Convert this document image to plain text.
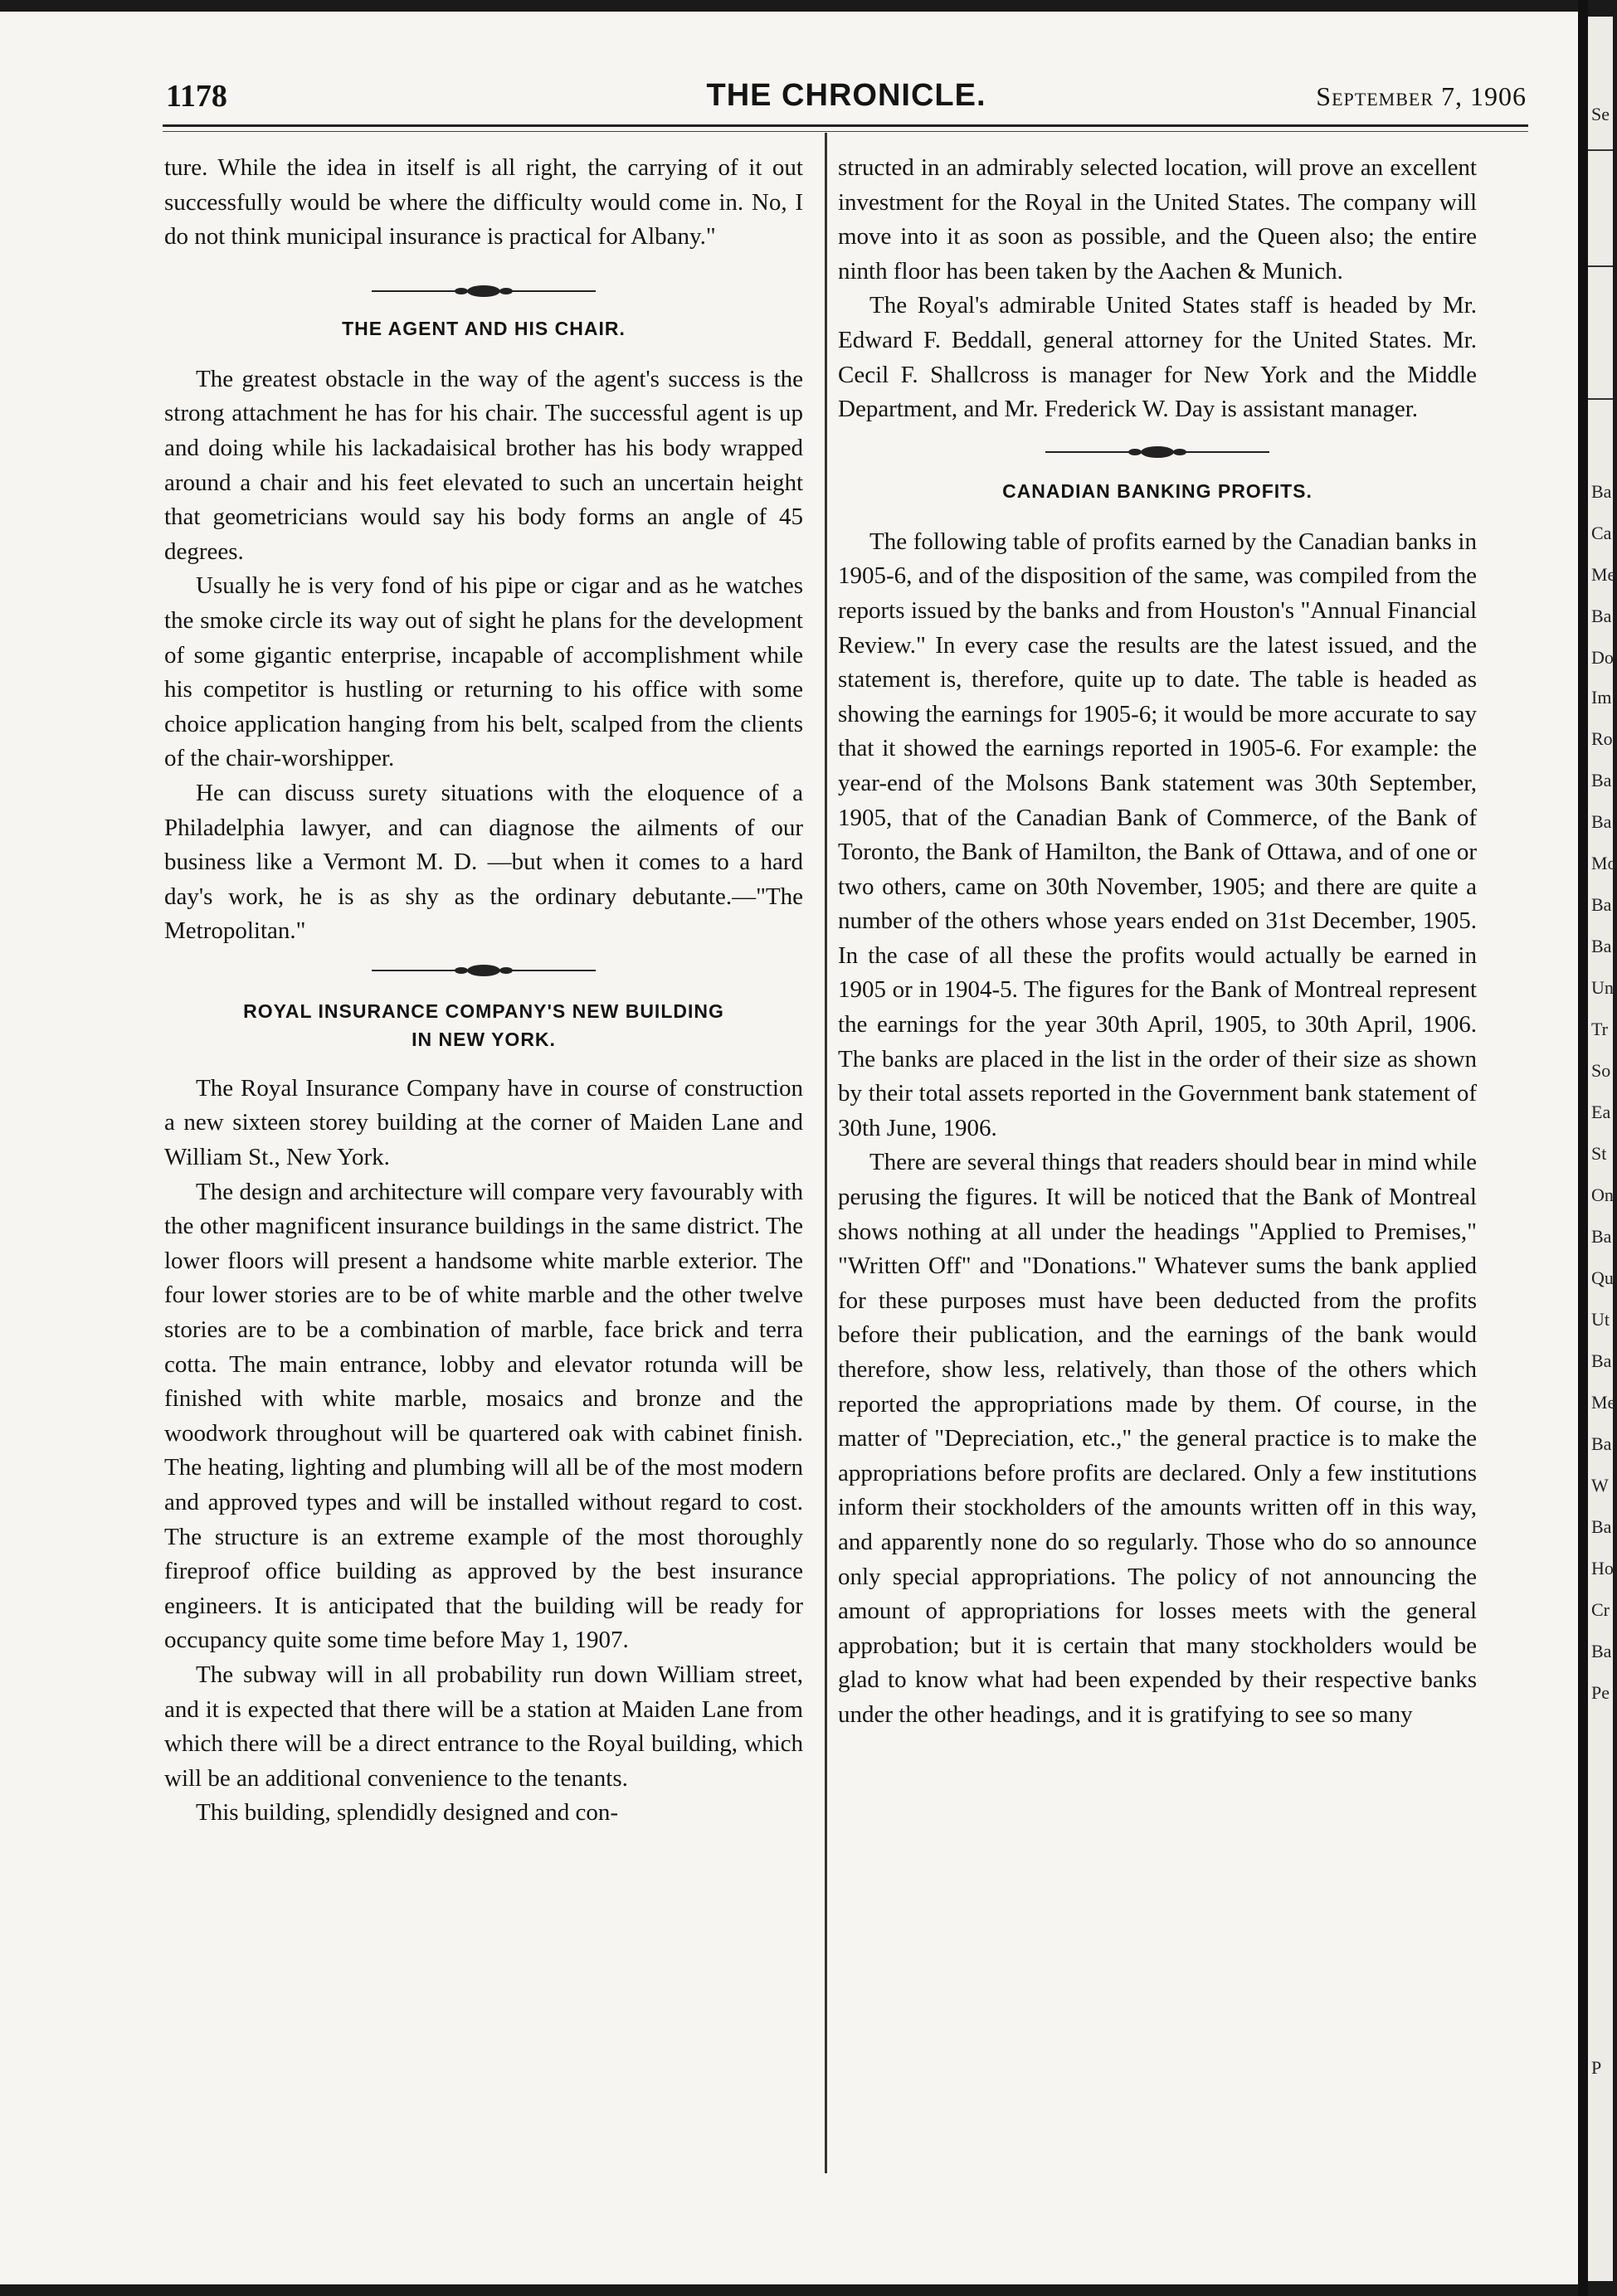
1178	THE CHRONICLE.	September 7, 1906

ture. While the idea in itself is all right, the carrying of it out successfully would be where the difficulty would come in. No, I do not think municipal insurance is practical for Albany."

THE AGENT AND HIS CHAIR.

The greatest obstacle in the way of the agent's success is the strong attachment he has for his chair. The successful agent is up and doing while his lackadaisical brother has his body wrapped around a chair and his feet elevated to such an uncertain height that geometricians would say his body forms an angle of 45 degrees.

Usually he is very fond of his pipe or cigar and as he watches the smoke circle its way out of sight he plans for the development of some gigantic enterprise, incapable of accomplishment while his competitor is hustling or returning to his office with some choice application hanging from his belt, scalped from the clients of the chair-worshipper.

He can discuss surety situations with the eloquence of a Philadelphia lawyer, and can diagnose the ailments of our business like a Vermont M. D. —but when it comes to a hard day's work, he is as shy as the ordinary debutante.—"The Metropolitan."

ROYAL INSURANCE COMPANY'S NEW BUILDING
IN NEW YORK.

The Royal Insurance Company have in course of construction a new sixteen storey building at the corner of Maiden Lane and William St., New York.

The design and architecture will compare very favourably with the other magnificent insurance buildings in the same district. The lower floors will present a handsome white marble exterior. The four lower stories are to be of white marble and the other twelve stories are to be a combination of marble, face brick and terra cotta. The main entrance, lobby and elevator rotunda will be finished with white marble, mosaics and bronze and the woodwork throughout will be quartered oak with cabinet finish. The heating, lighting and plumbing will all be of the most modern and approved types and will be installed without regard to cost. The structure is an extreme example of the most thoroughly fireproof office building as approved by the best insurance engineers. It is anticipated that the building will be ready for occupancy quite some time before May 1, 1907.

The subway will in all probability run down William street, and it is expected that there will be a station at Maiden Lane from which there will be a direct entrance to the Royal building, which will be an additional convenience to the tenants.

This building, splendidly designed and con-

structed in an admirably selected location, will prove an excellent investment for the Royal in the United States. The company will move into it as soon as possible, and the Queen also; the entire ninth floor has been taken by the Aachen & Munich.

The Royal's admirable United States staff is headed by Mr. Edward F. Beddall, general attorney for the United States. Mr. Cecil F. Shallcross is manager for New York and the Middle Department, and Mr. Frederick W. Day is assistant manager.

CANADIAN BANKING PROFITS.

The following table of profits earned by the Canadian banks in 1905-6, and of the disposition of the same, was compiled from the reports issued by the banks and from Houston's "Annual Financial Review." In every case the results are the latest issued, and the statement is, therefore, quite up to date. The table is headed as showing the earnings for 1905-6; it would be more accurate to say that it showed the earnings reported in 1905-6. For example: the year-end of the Molsons Bank statement was 30th September, 1905, that of the Canadian Bank of Commerce, of the Bank of Toronto, the Bank of Hamilton, the Bank of Ottawa, and of one or two others, came on 30th November, 1905; and there are quite a number of the others whose years ended on 31st December, 1905. In the case of all these the profits would actually be earned in 1905 or in 1904-5. The figures for the Bank of Montreal represent the earnings for the year 30th April, 1905, to 30th April, 1906. The banks are placed in the list in the order of their size as shown by their total assets reported in the Government bank statement of 30th June, 1906.

There are several things that readers should bear in mind while perusing the figures. It will be noticed that the Bank of Montreal shows nothing at all under the headings "Applied to Premises," "Written Off" and "Donations." Whatever sums the bank applied for these purposes must have been deducted from the profits before their publication, and the earnings of the bank would therefore, show less, relatively, than those of the others which reported the appropriations made by them. Of course, in the matter of "Depreciation, etc.," the general practice is to make the appropriations before profits are declared. Only a few institutions inform their stockholders of the amounts written off in this way, and apparently none do so regularly. Those who do so announce only special appropriations. The policy of not announcing the amount of appropriations for losses meets with the general approbation; but it is certain that many stockholders would be glad to know what had been expended by their respective banks under the other headings, and it is gratifying to see so many

Se
Ba
Ca
Me
Ba
Do
Im
Ro
Ba
Ba
Mo
Ba
Ba
Un
Tr
So
Ea
St
On
Ba
Qu
Ut
Ba
Me
Ba
W
Ba
Ho
Cr
Ba
Pe
P
